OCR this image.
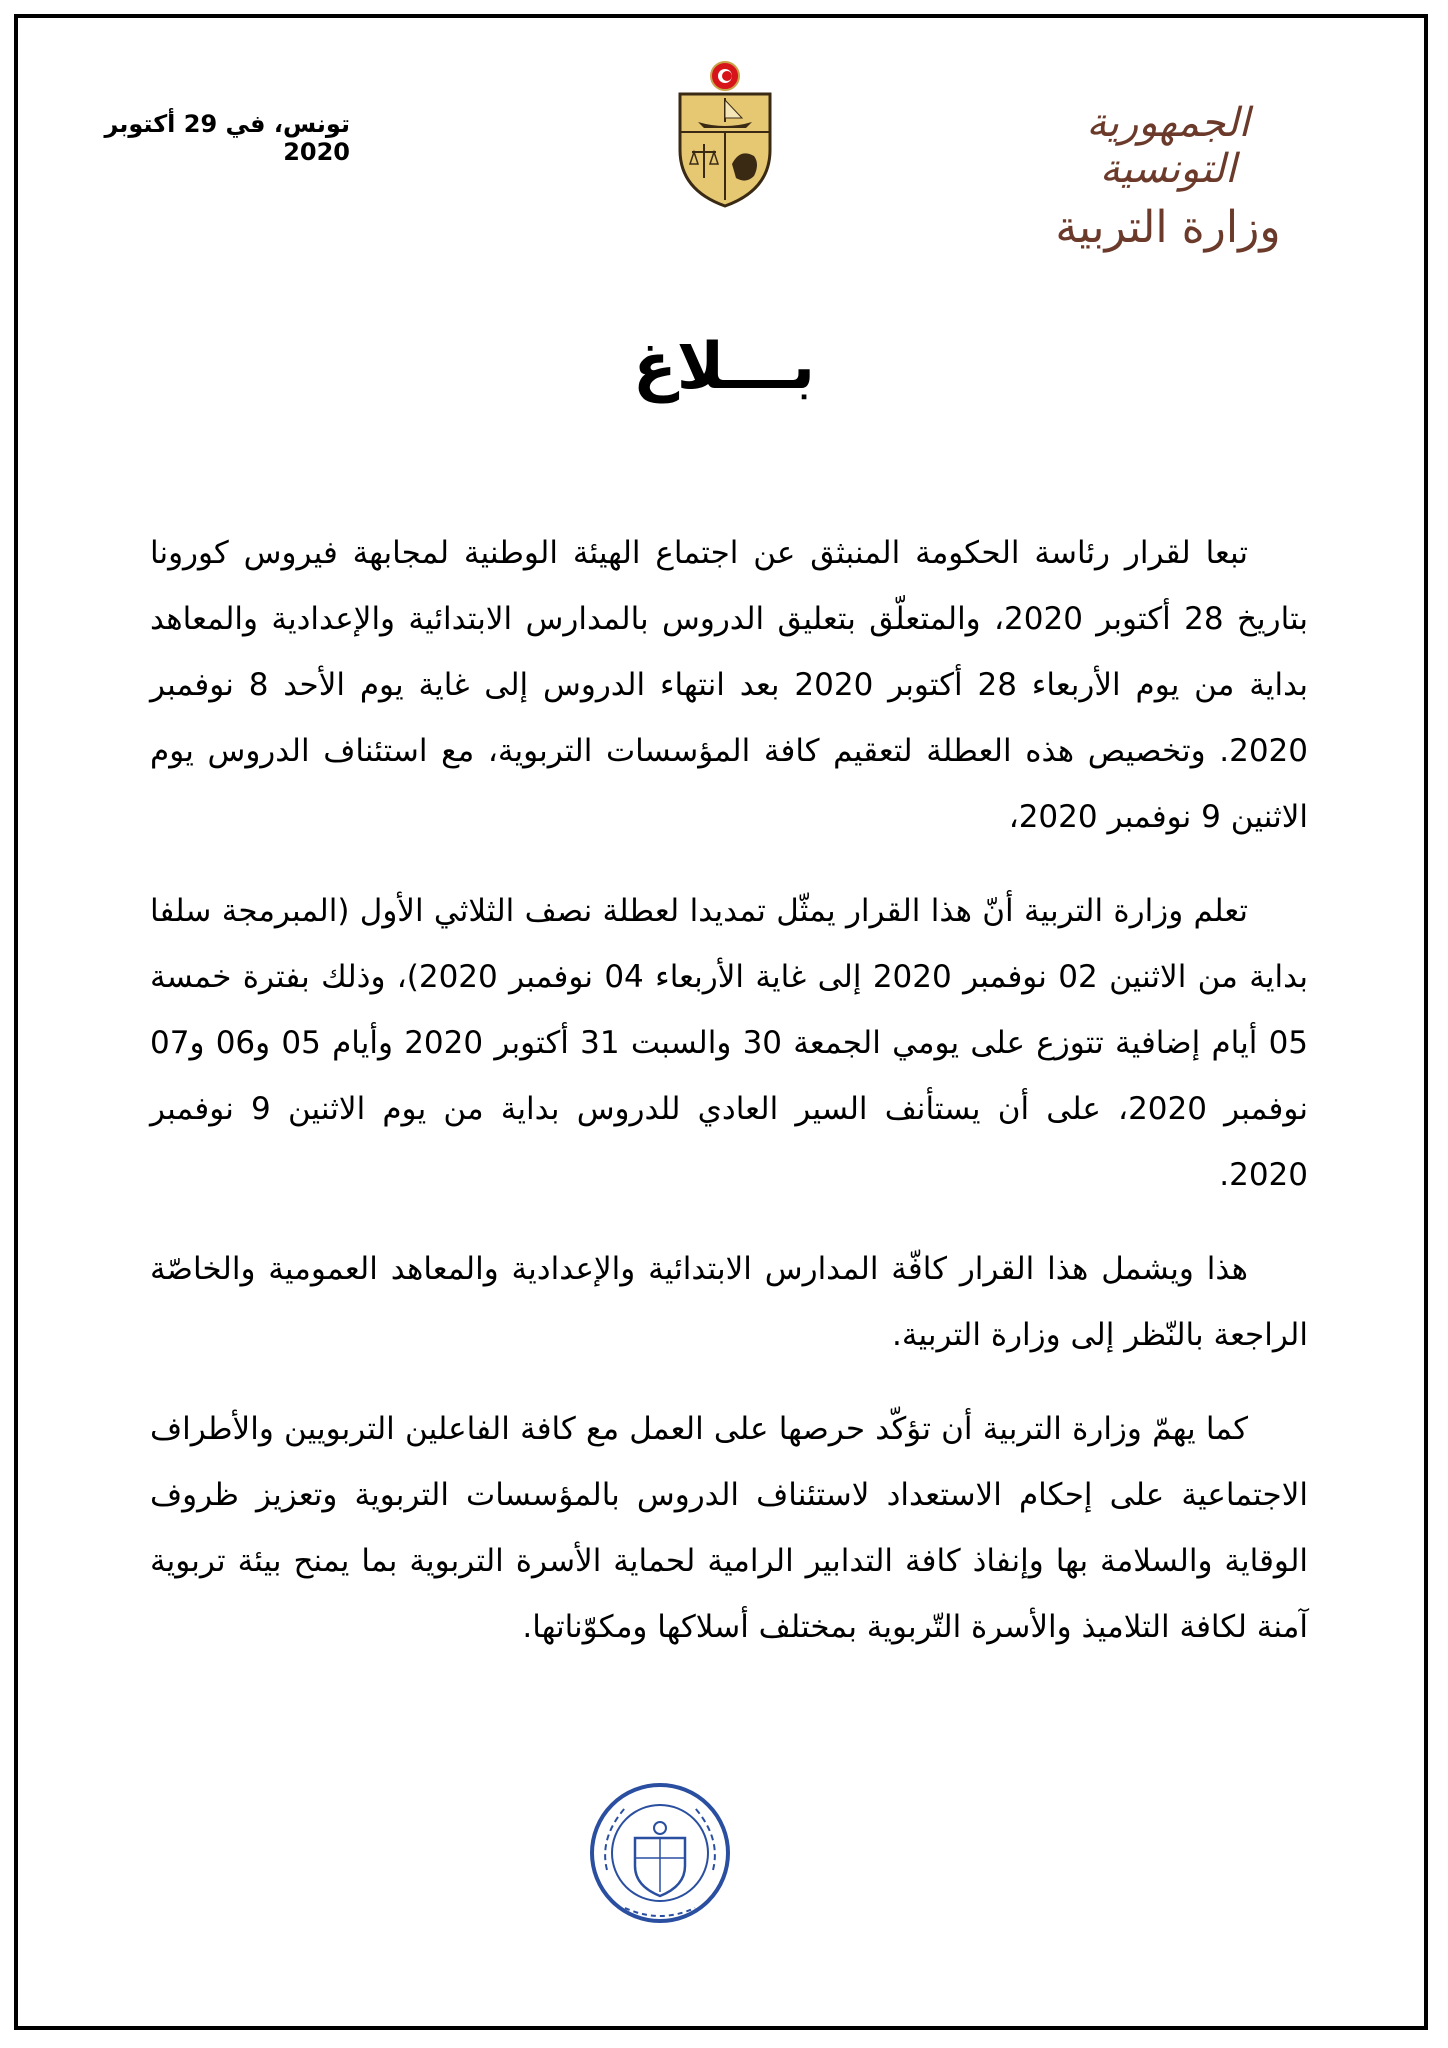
الجمهورية التونسية
وزارة التربية
تونس، في 29 أكتوبر 2020
بـــلاغ

تبعا لقرار رئاسة الحكومة المنبثق عن اجتماع الهيئة الوطنية لمجابهة فيروس كورونا بتاريخ 28 أكتوبر 2020، والمتعلّق بتعليق الدروس بالمدارس الابتدائية والإعدادية والمعاهد بداية من يوم الأربعاء 28 أكتوبر 2020 بعد انتهاء الدروس إلى غاية يوم الأحد 8 نوفمبر 2020. وتخصيص هذه العطلة لتعقيم كافة المؤسسات التربوية، مع استئناف الدروس يوم الاثنين 9 نوفمبر 2020،

تعلم وزارة التربية أنّ هذا القرار يمثّل تمديدا لعطلة نصف الثلاثي الأول (المبرمجة سلفا بداية من الاثنين 02 نوفمبر 2020 إلى غاية الأربعاء 04 نوفمبر 2020)، وذلك بفترة خمسة 05 أيام إضافية تتوزع على يومي الجمعة 30 والسبت 31 أكتوبر 2020 وأيام 05 و06 و07 نوفمبر 2020، على أن يستأنف السير العادي للدروس بداية من يوم الاثنين 9 نوفمبر 2020.

هذا ويشمل هذا القرار كافّة المدارس الابتدائية والإعدادية والمعاهد العمومية والخاصّة الراجعة بالنّظر إلى وزارة التربية.

كما يهمّ وزارة التربية أن تؤكّد حرصها على العمل مع كافة الفاعلين التربويين والأطراف الاجتماعية على إحكام الاستعداد لاستئناف الدروس بالمؤسسات التربوية وتعزيز ظروف الوقاية والسلامة بها وإنفاذ كافة التدابير الرامية لحماية الأسرة التربوية بما يمنح بيئة تربوية آمنة لكافة التلاميذ والأسرة التّربوية بمختلف أسلاكها ومكوّناتها.
